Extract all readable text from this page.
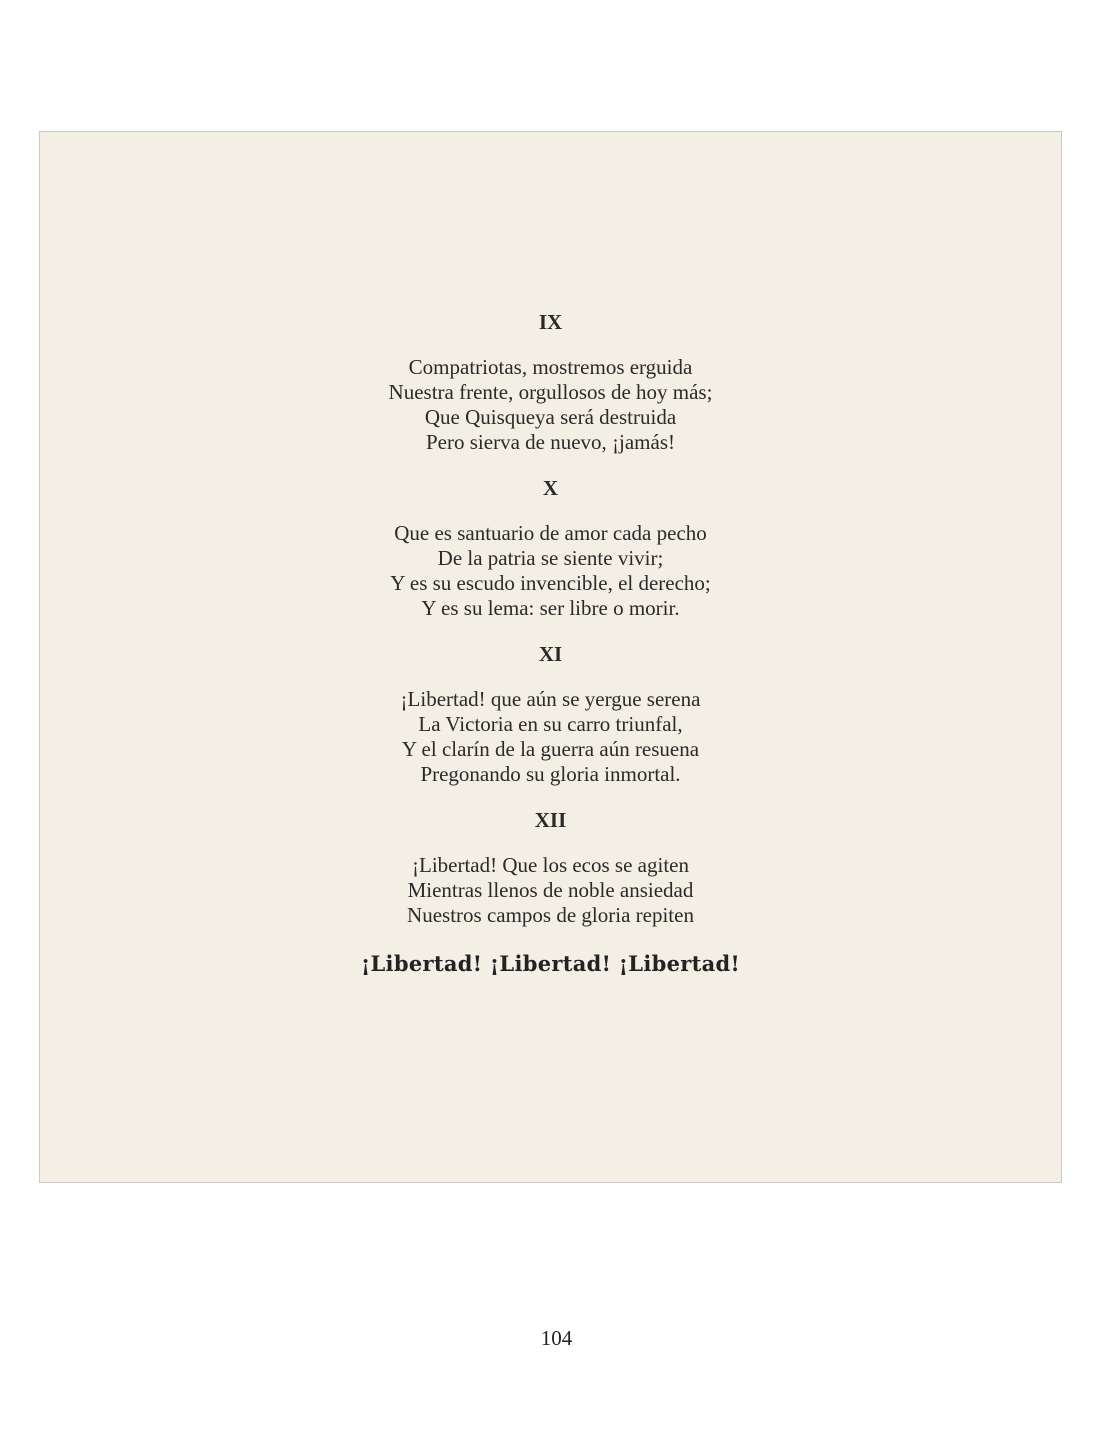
IX

Compatriotas, mostremos erguida

Nuestra frente, orgullosos de hoy más;

Que Quisqueya será destruida

Pero sierva de nuevo, ¡jamás!

X

Que es santuario de amor cada pecho

De la patria se siente vivir;

Y es su escudo invencible, el derecho;

Y es su lema: ser libre o morir.

XI

¡Libertad! que aún se yergue serena

La Victoria en su carro triunfal,

Y el clarín de la guerra aún resuena

Pregonando su gloria inmortal.

XII

¡Libertad! Que los ecos se agiten

Mientras llenos de noble ansiedad

Nuestros campos de gloria repiten

¡Libertad! ¡Libertad! ¡Libertad!
104
